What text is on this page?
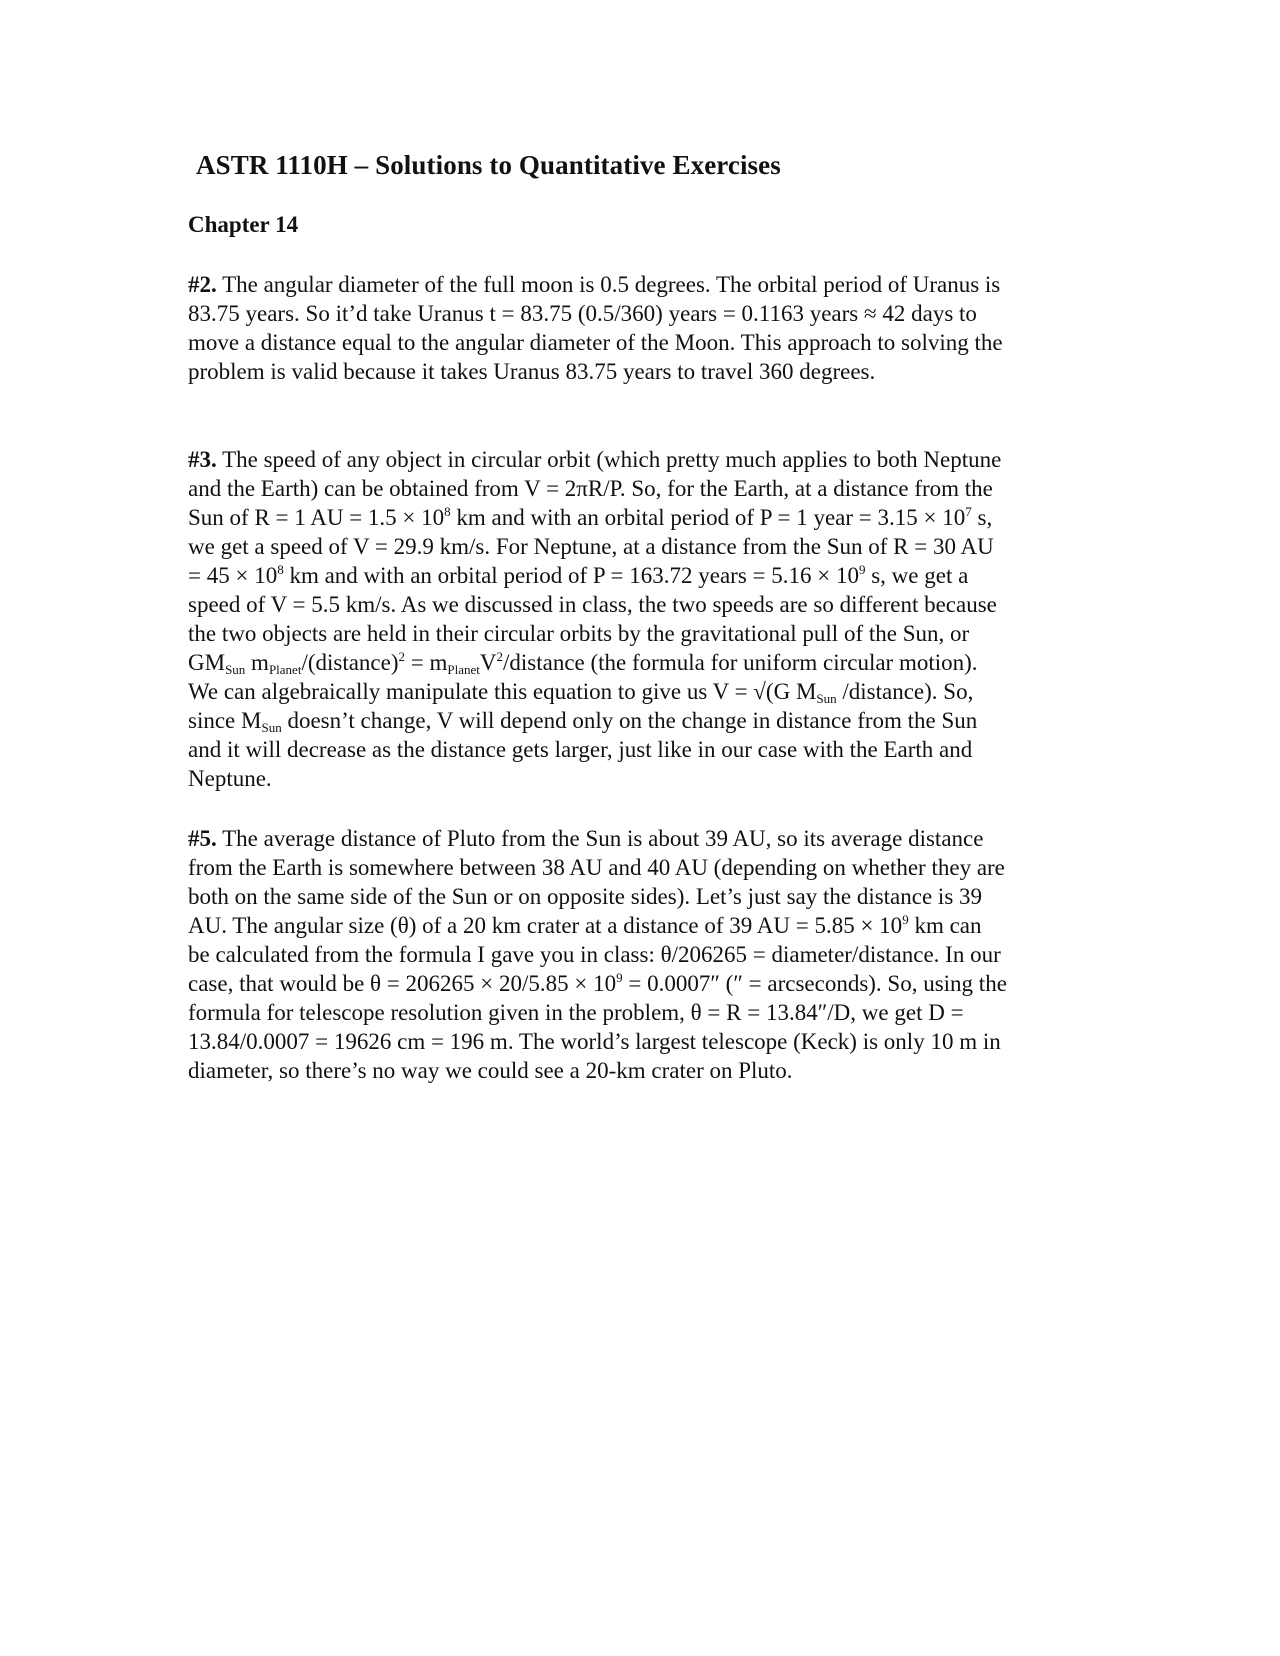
ASTR 1110H – Solutions to Quantitative Exercises
Chapter 14

#2. The angular diameter of the full moon is 0.5 degrees. The orbital period of Uranus is
83.75 years. So it’d take Uranus t = 83.75 (0.5/360) years = 0.1163 years ≈ 42 days to
move a distance equal to the angular diameter of the Moon. This approach to solving the
problem is valid because it takes Uranus 83.75 years to travel 360 degrees.

#3. The speed of any object in circular orbit (which pretty much applies to both Neptune
and the Earth) can be obtained from V = 2πR/P. So, for the Earth, at a distance from the
Sun of R = 1 AU = $1.5 \times 10^8$ km and with an orbital period of P = 1 year = $3.15 \times 10^7$ s,
we get a speed of V = 29.9 km/s. For Neptune, at a distance from the Sun of R = 30 AU
= $45 \times 10^8$ km and with an orbital period of P = 163.72 years = $5.16 \times 10^9$ s, we get a
speed of V = 5.5 km/s. As we discussed in class, the two speeds are so different because
the two objects are held in their circular orbits by the gravitational pull of the Sun, or
$GM_{Sun}$ $m_{Planet}/(distance)^2$ = $m_{Planet}V^2$/distance (the formula for uniform circular motion).
We can algebraically manipulate this equation to give us V = √(G $M_{Sun}$ /distance). So,
since $M_{Sun}$ doesn’t change, V will depend only on the change in distance from the Sun
and it will decrease as the distance gets larger, just like in our case with the Earth and
Neptune.

#5. The average distance of Pluto from the Sun is about 39 AU, so its average distance
from the Earth is somewhere between 38 AU and 40 AU (depending on whether they are
both on the same side of the Sun or on opposite sides). Let’s just say the distance is 39
AU. The angular size (θ) of a 20 km crater at a distance of 39 AU = $5.85 \times 10^9$ km can
be calculated from the formula I gave you in class: θ/206265 = diameter/distance. In our
case, that would be $\theta = 206265 \times 20/5.85 \times 10^9 = 0.0007''$ (″ = arcseconds). So, using the
formula for telescope resolution given in the problem, θ = R = 13.84″/D, we get D =
13.84/0.0007 = 19626 cm = 196 m. The world’s largest telescope (Keck) is only 10 m in
diameter, so there’s no way we could see a 20-km crater on Pluto.
